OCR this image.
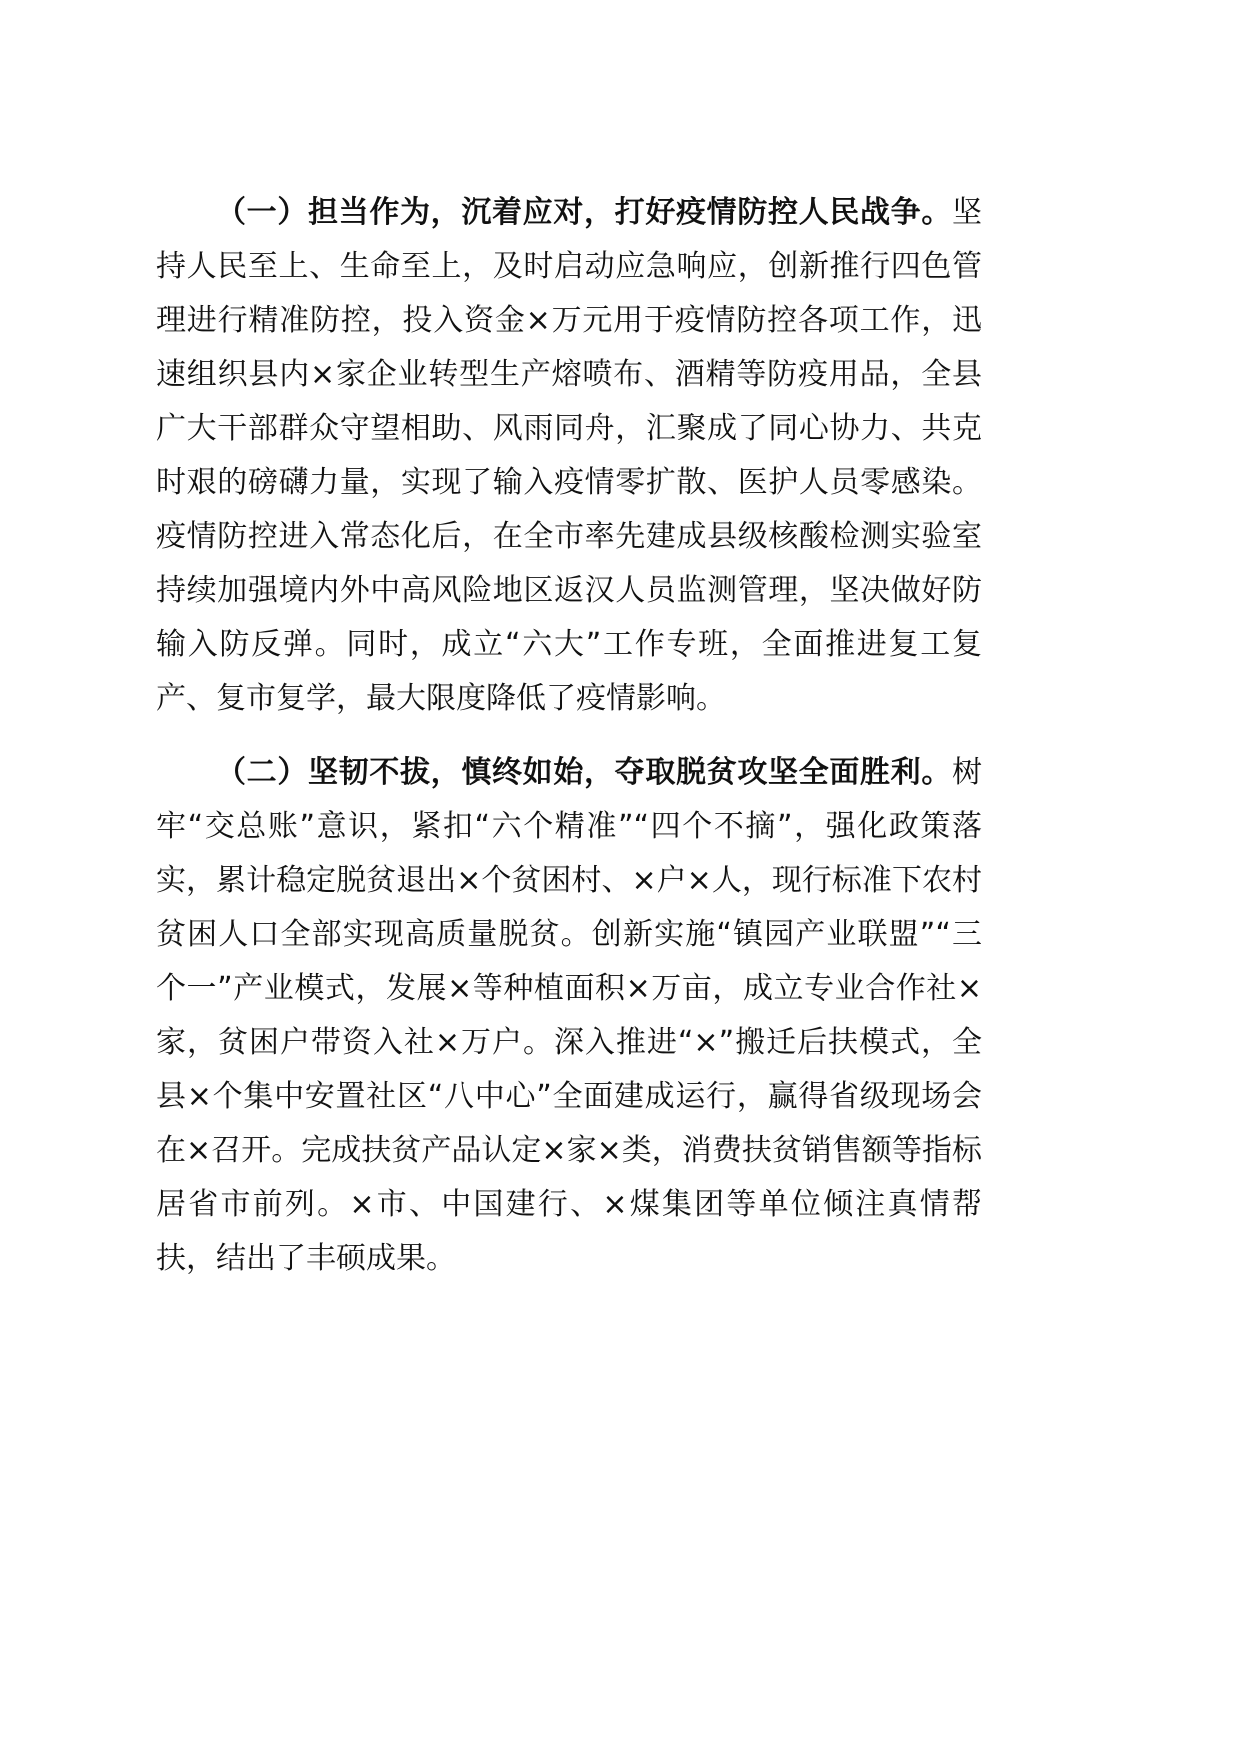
（一）担当作为，沉着应对，打好疫情防控人民战争。坚持人民至上、生命至上，及时启动应急响应，创新推行四色管理进行精准防控，投入资金×万元用于疫情防控各项工作，迅速组织县内×家企业转型生产熔喷布、酒精等防疫用品，全县广大干部群众守望相助、风雨同舟，汇聚成了同心协力、共克时艰的磅礴力量，实现了输入疫情零扩散、医护人员零感染。疫情防控进入常态化后，在全市率先建成县级核酸检测实验室持续加强境内外中高风险地区返汉人员监测管理，坚决做好防输入防反弹。同时，成立“六大”工作专班，全面推进复工复产、复市复学，最大限度降低了疫情影响。

（二）坚韧不拔，慎终如始，夺取脱贫攻坚全面胜利。树牢“交总账”意识，紧扣“六个精准”“四个不摘”，强化政策落实，累计稳定脱贫退出×个贫困村、×户×人，现行标准下农村贫困人口全部实现高质量脱贫。创新实施“镇园产业联盟”“三个一”产业模式，发展×等种植面积×万亩，成立专业合作社×家，贫困户带资入社×万户。深入推进“×”搬迁后扶模式，全县×个集中安置社区“八中心”全面建成运行，赢得省级现场会在×召开。完成扶贫产品认定×家×类，消费扶贫销售额等指标居省市前列。×市、中国建行、×煤集团等单位倾注真情帮扶，结出了丰硕成果。
